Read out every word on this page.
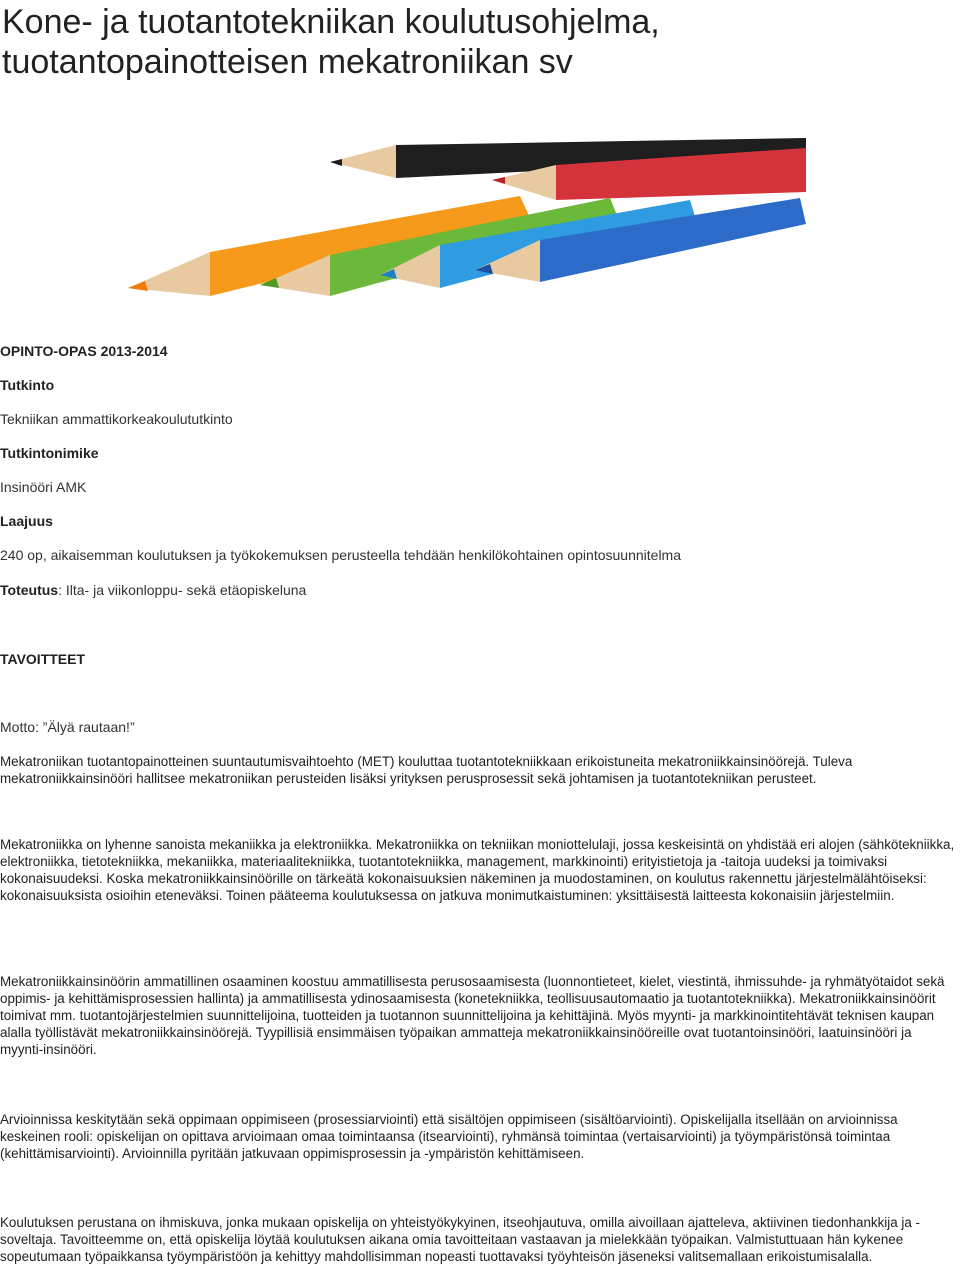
Kone- ja tuotantotekniikan koulutusohjelma,
tuotantopainotteisen mekatroniikan sv

OPINTO-OPAS 2013-2014

Tutkinto

Tekniikan ammattikorkeakoulututkinto

Tutkintonimike

Insinööri AMK

Laajuus

240 op, aikaisemman koulutuksen ja työkokemuksen perusteella tehdään henkilökohtainen opintosuunnitelma

Toteutus: Ilta- ja viikonloppu- sekä etäopiskeluna

TAVOITTEET

Motto: ”Älyä rautaan!”

Mekatroniikan tuotantopainotteinen suuntautumisvaihtoehto (MET) kouluttaa tuotantotekniikkaan erikoistuneita mekatroniikkainsinöörejä. Tuleva mekatroniikkainsinööri hallitsee mekatroniikan perusteiden lisäksi yrityksen perusprosessit sekä johtamisen ja tuotantotekniikan perusteet.

Mekatroniikka on lyhenne sanoista mekaniikka ja elektroniikka. Mekatroniikka on tekniikan moniottelulaji, jossa keskeisintä on yhdistää eri alojen (sähkötekniikka, elektroniikka, tietotekniikka, mekaniikka, materiaalitekniikka, tuotantotekniikka, management, markkinointi) erityistietoja ja -taitoja uudeksi ja toimivaksi kokonaisuudeksi. Koska mekatroniikkainsinöörille on tärkeätä kokonaisuuksien näkeminen ja muodostaminen, on koulutus rakennettu järjestelmälähtöiseksi: kokonaisuuksista osioihin eteneväksi. Toinen pääteema koulutuksessa on jatkuva monimutkaistuminen: yksittäisestä laitteesta kokonaisiin järjestelmiin.

Mekatroniikkainsinöörin ammatillinen osaaminen koostuu ammatillisesta perusosaamisesta (luonnontieteet, kielet, viestintä, ihmissuhde- ja ryhmätyötaidot sekä oppimis- ja kehittämisprosessien hallinta) ja ammatillisesta ydinosaamisesta (konetekniikka, teollisuusautomaatio ja tuotantotekniikka). Mekatroniikkainsinöörit toimivat mm. tuotantojärjestelmien suunnittelijoina, tuotteiden ja tuotannon suunnittelijoina ja kehittäjinä. Myös myynti- ja markkinointitehtävät teknisen kaupan alalla työllistävät mekatroniikkainsinöörejä. Tyypillisiä ensimmäisen työpaikan ammatteja mekatroniikkainsinööreille ovat tuotantoinsinööri, laatuinsinööri ja myynti-insinööri.

Arvioinnissa keskitytään sekä oppimaan oppimiseen (prosessiarviointi) että sisältöjen oppimiseen (sisältöarviointi). Opiskelijalla itsellään on arvioinnissa keskeinen rooli: opiskelijan on opittava arvioimaan omaa toimintaansa (itsearviointi), ryhmänsä toimintaa (vertaisarviointi) ja työympäristönsä toimintaa (kehittämisarviointi). Arvioinnilla pyritään jatkuvaan oppimisprosessin ja -ympäristön kehittämiseen.

Koulutuksen perustana on ihmiskuva, jonka mukaan opiskelija on yhteistyökykyinen, itseohjautuva, omilla aivoillaan ajatteleva, aktiivinen tiedonhankkija ja - soveltaja. Tavoitteemme on, että opiskelija löytää koulutuksen aikana omia tavoitteitaan vastaavan ja mielekkään työpaikan. Valmistuttuaan hän kykenee sopeutumaan työpaikkansa työympäristöön ja kehittyy mahdollisimman nopeasti tuottavaksi työyhteisön jäseneksi valitsemallaan erikoistumisalalla.
